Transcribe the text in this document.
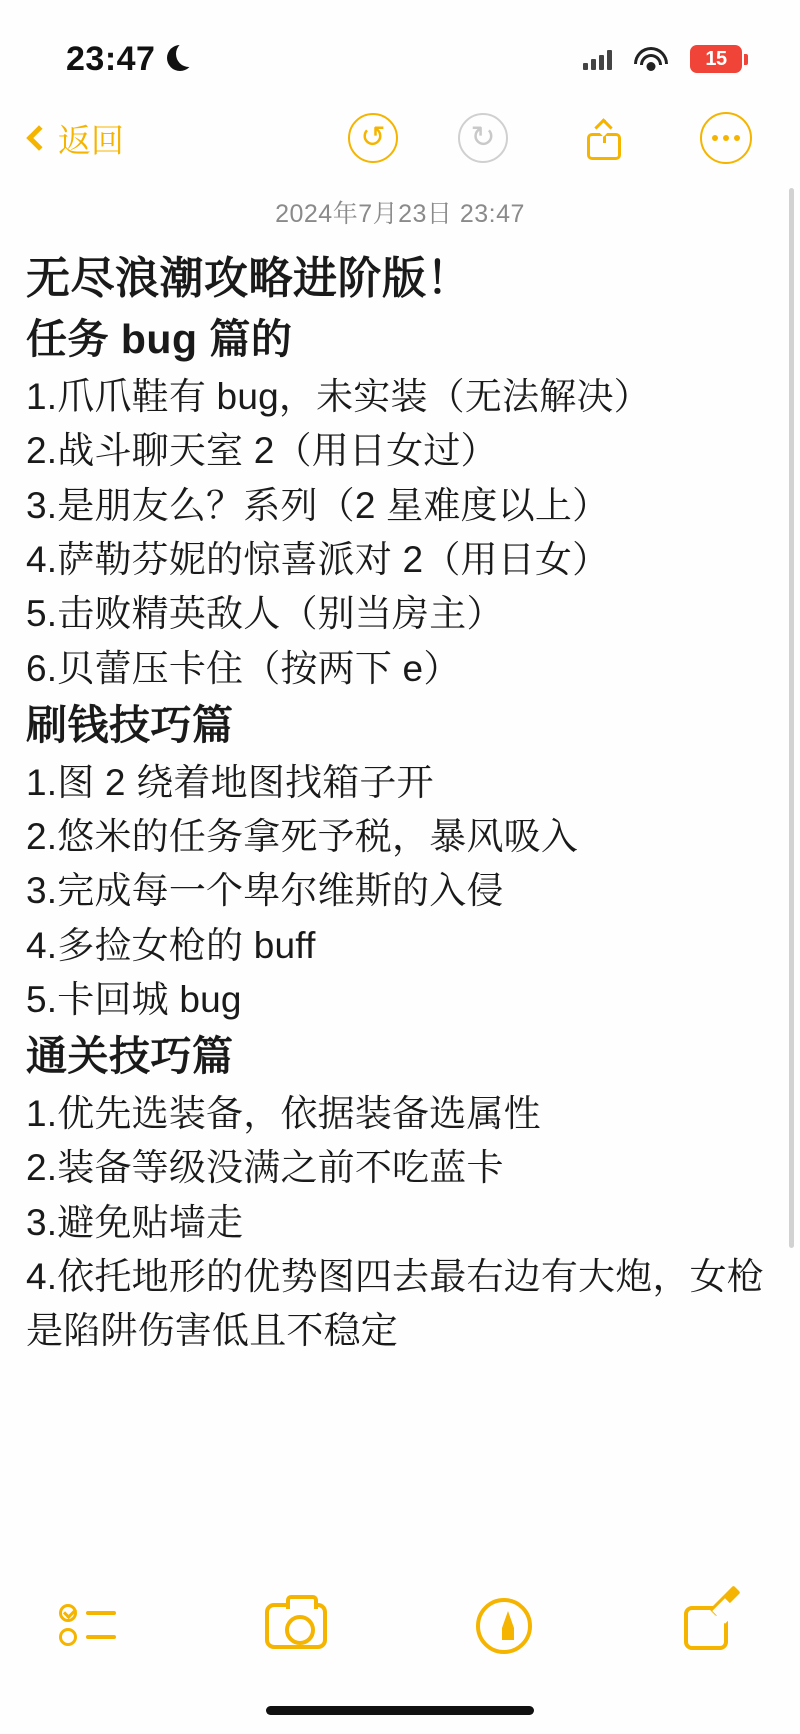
23:47	15
返回	↺	↻
2024年7月23日 23:47
无尽浪潮攻略进阶版！
任务 bug 篇的
1.爪爪鞋有 bug，未实装（无法解决）
2.战斗聊天室 2（用日女过）
3.是朋友么？系列（2 星难度以上）
4.萨勒芬妮的惊喜派对 2（用日女）
5.击败精英敌人（别当房主）
6.贝蕾压卡住（按两下 e）
刷钱技巧篇
1.图 2 绕着地图找箱子开
2.悠米的任务拿死予税，暴风吸入
3.完成每一个卑尔维斯的入侵
4.多捡女枪的 buff
5.卡回城 bug
通关技巧篇
1.优先选装备，依据装备选属性
2.装备等级没满之前不吃蓝卡
3.避免贴墙走
4.依托地形的优势图四去最右边有大炮，女枪是陷阱伤害低且不稳定
